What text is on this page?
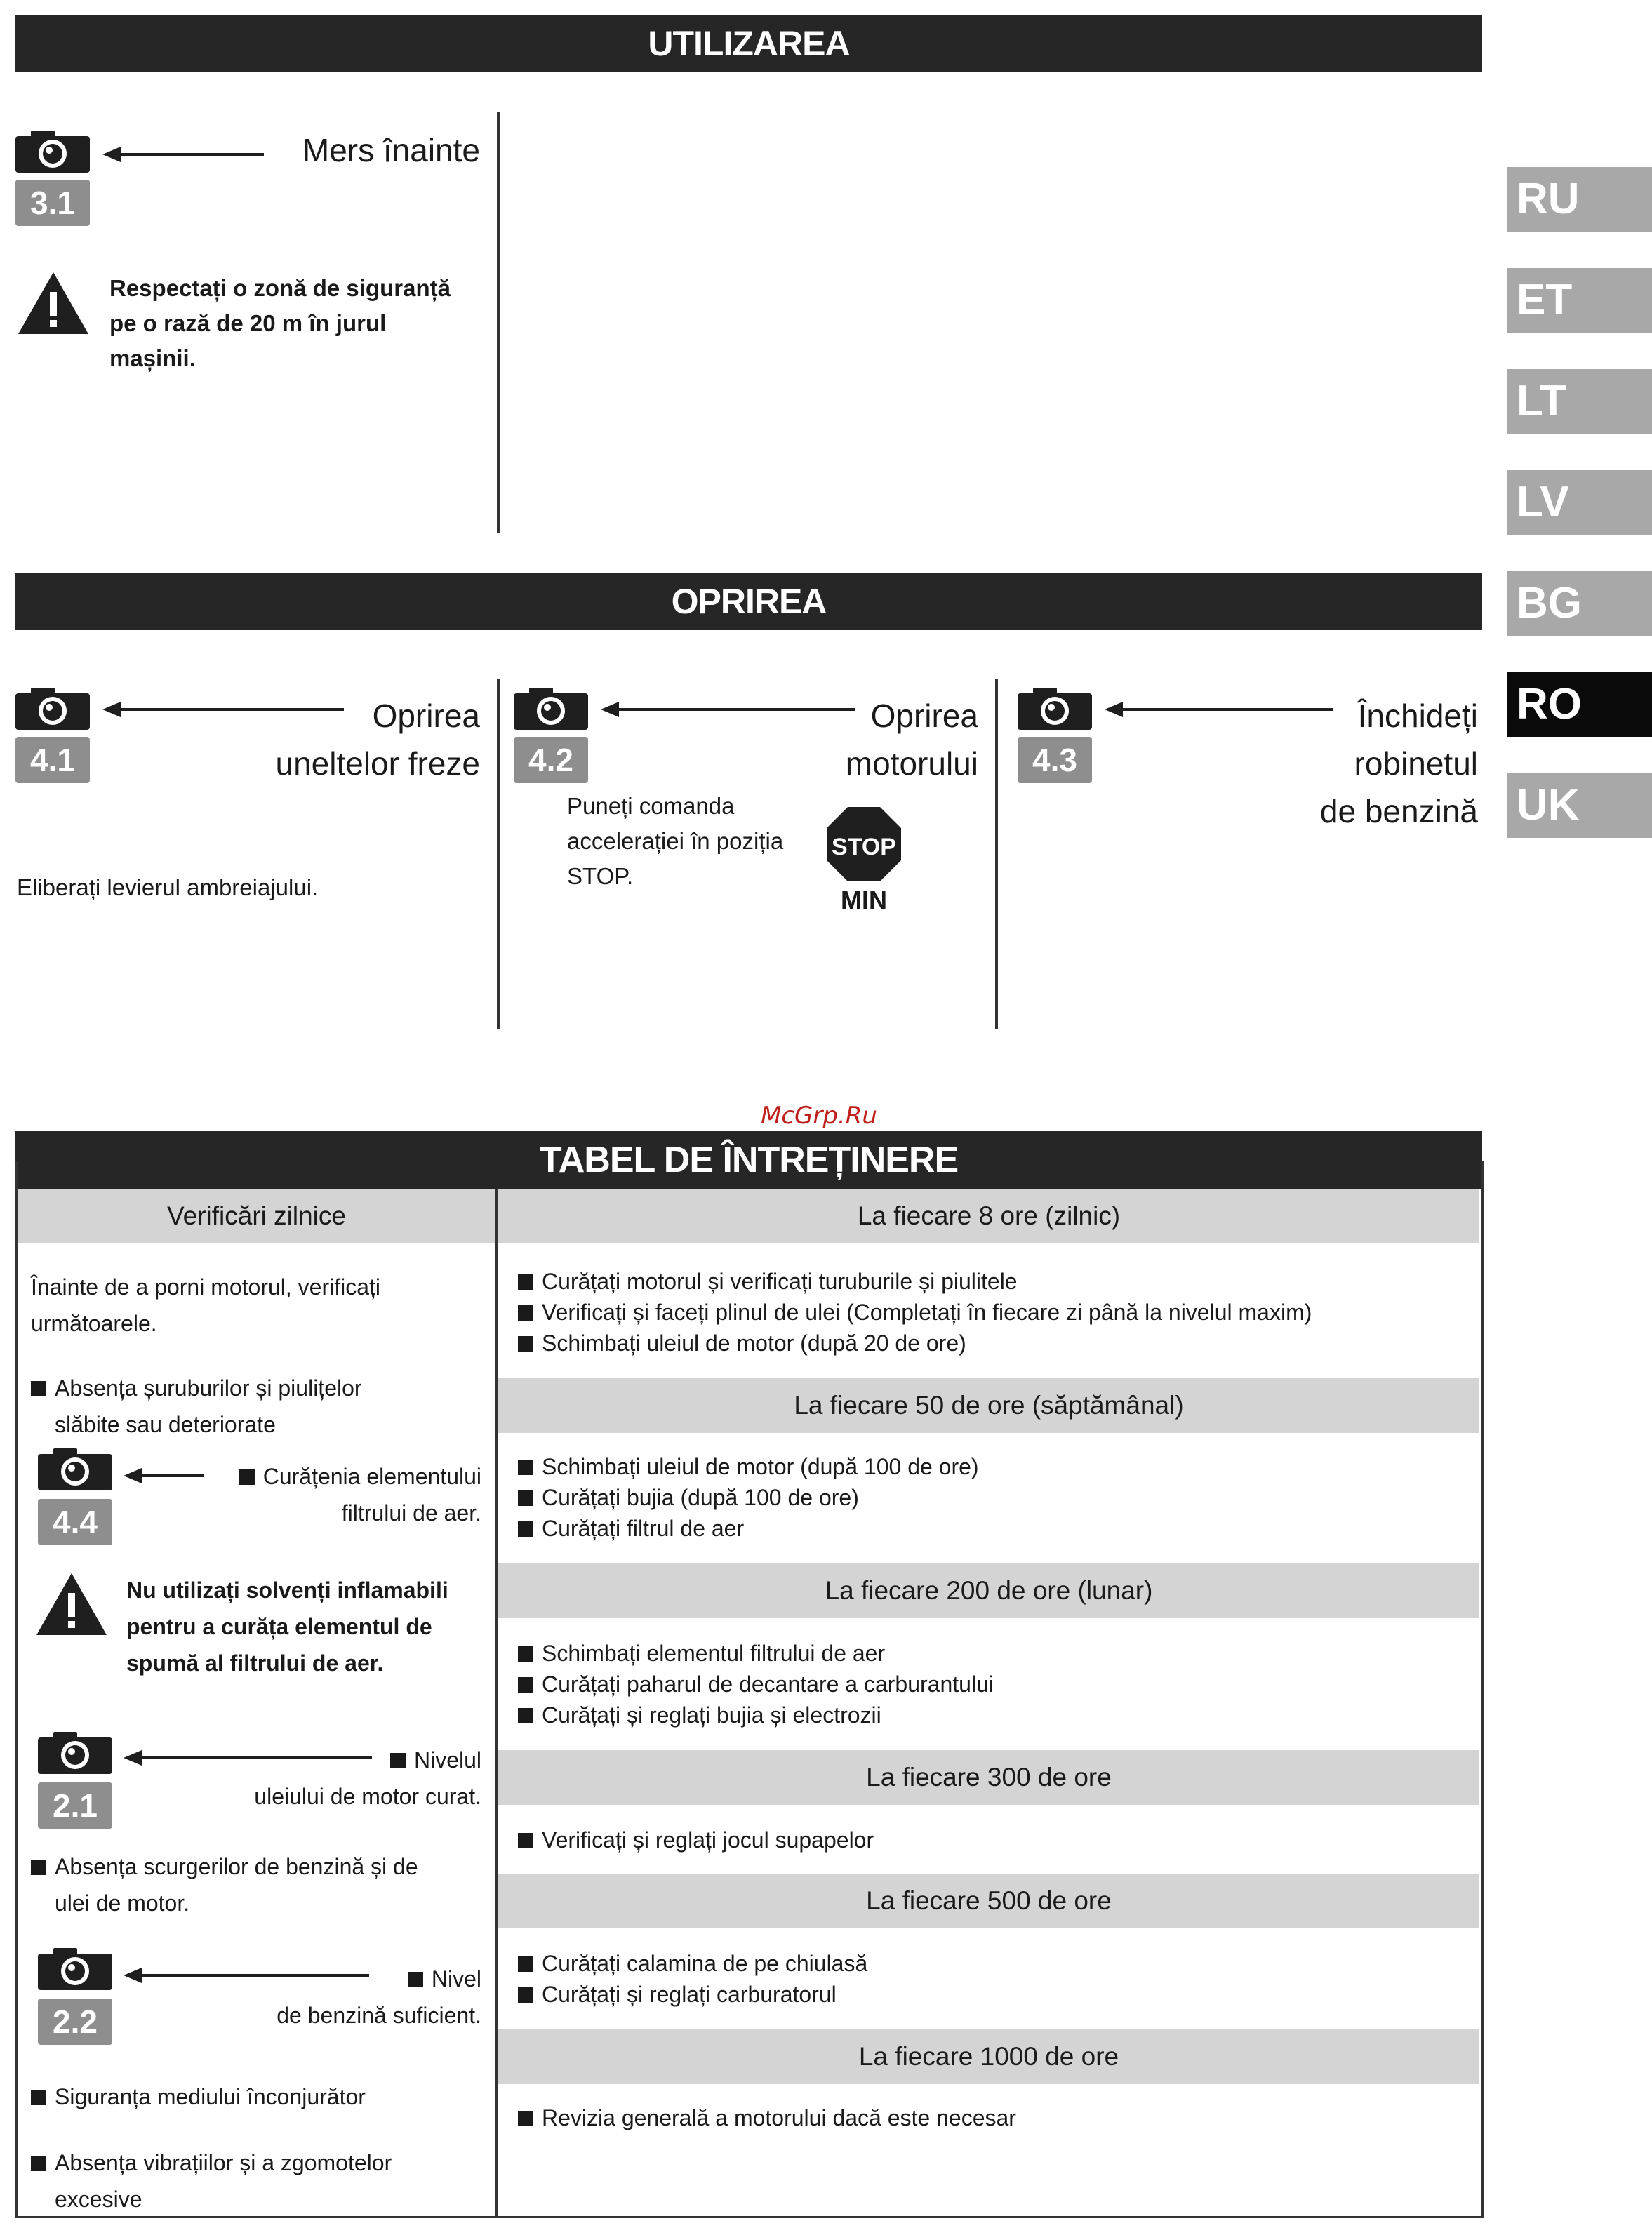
UTILIZAREA
3.1
Mers înainte
Respectați o zonă de siguranță
pe o rază de 20 m în jurul
mașinii.
OPRIREA
4.1
Oprirea
uneltelor freze
Eliberați levierul ambreiajului.
4.2
Oprirea
motorului
Puneți comanda
accelerației în poziția
STOP.
STOP
MIN
4.3
Închideți
robinetul
de benzină
RU
ET
LT
LV
BG
RO
UK
McGrp.Ru
TABEL DE ÎNTREȚINERE
Verificări zilnice
Înainte de a porni motorul, verificați
următoarele.
Absența șuruburilor și piulițelor
slăbite sau deteriorate
4.4
Curățenia elementului
filtrului de aer.
Nu utilizați solvenți inflamabili
pentru a curăța elementul de
spumă al filtrului de aer.
2.1
Nivelul
uleiului de motor curat.
Absența scurgerilor de benzină și de
ulei de motor.
2.2
Nivel
de benzină suficient.
Siguranța mediului înconjurător
Absența vibrațiilor și a zgomotelor
excesive
La fiecare 8 ore (zilnic)
Curățați motorul și verificați turuburile și piulitele
Verificați și faceți plinul de ulei (Completați în fiecare zi până la nivelul maxim)
Schimbați uleiul de motor (după 20 de ore)
La fiecare 50 de ore (săptămânal)
Schimbați uleiul de motor (după 100 de ore)
Curățați bujia (după 100 de ore)
Curățați filtrul de aer
La fiecare 200 de ore (lunar)
Schimbați elementul filtrului de aer
Curățați paharul de decantare a carburantului
Curățați și reglați bujia și electrozii
La fiecare 300 de ore
Verificați și reglați jocul supapelor
La fiecare 500 de ore
Curățați calamina de pe chiulasă
Curățați și reglați carburatorul
La fiecare 1000 de ore
Revizia generală a motorului dacă este necesar
